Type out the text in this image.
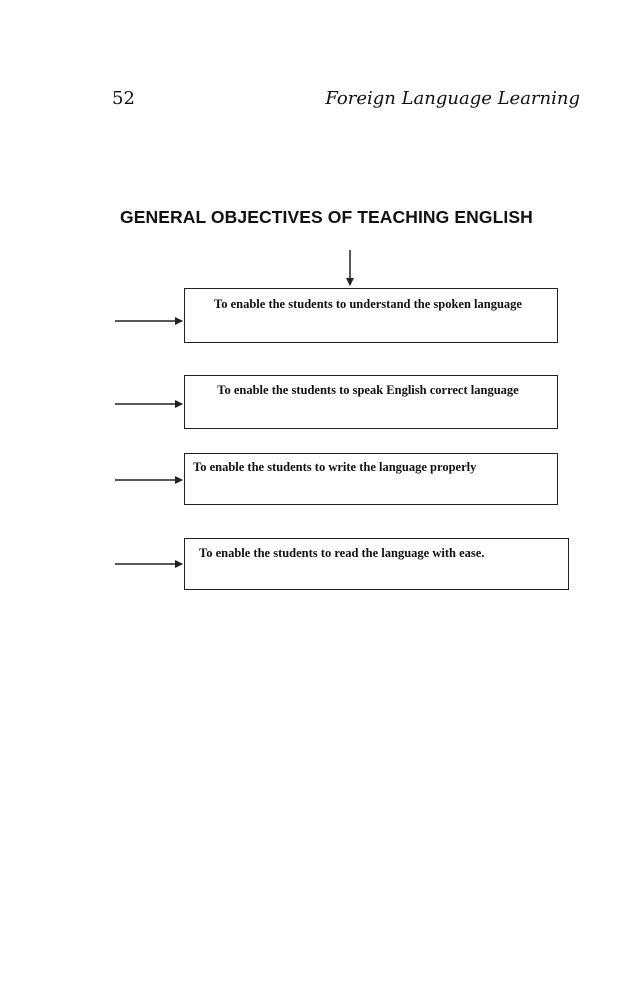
52	Foreign Language Learning
GENERAL OBJECTIVES OF TEACHING ENGLISH

To enable the students to understand the spoken language

To enable the students to speak English correct language

To enable the students to write the language properly

To enable the students to read the language with ease.
